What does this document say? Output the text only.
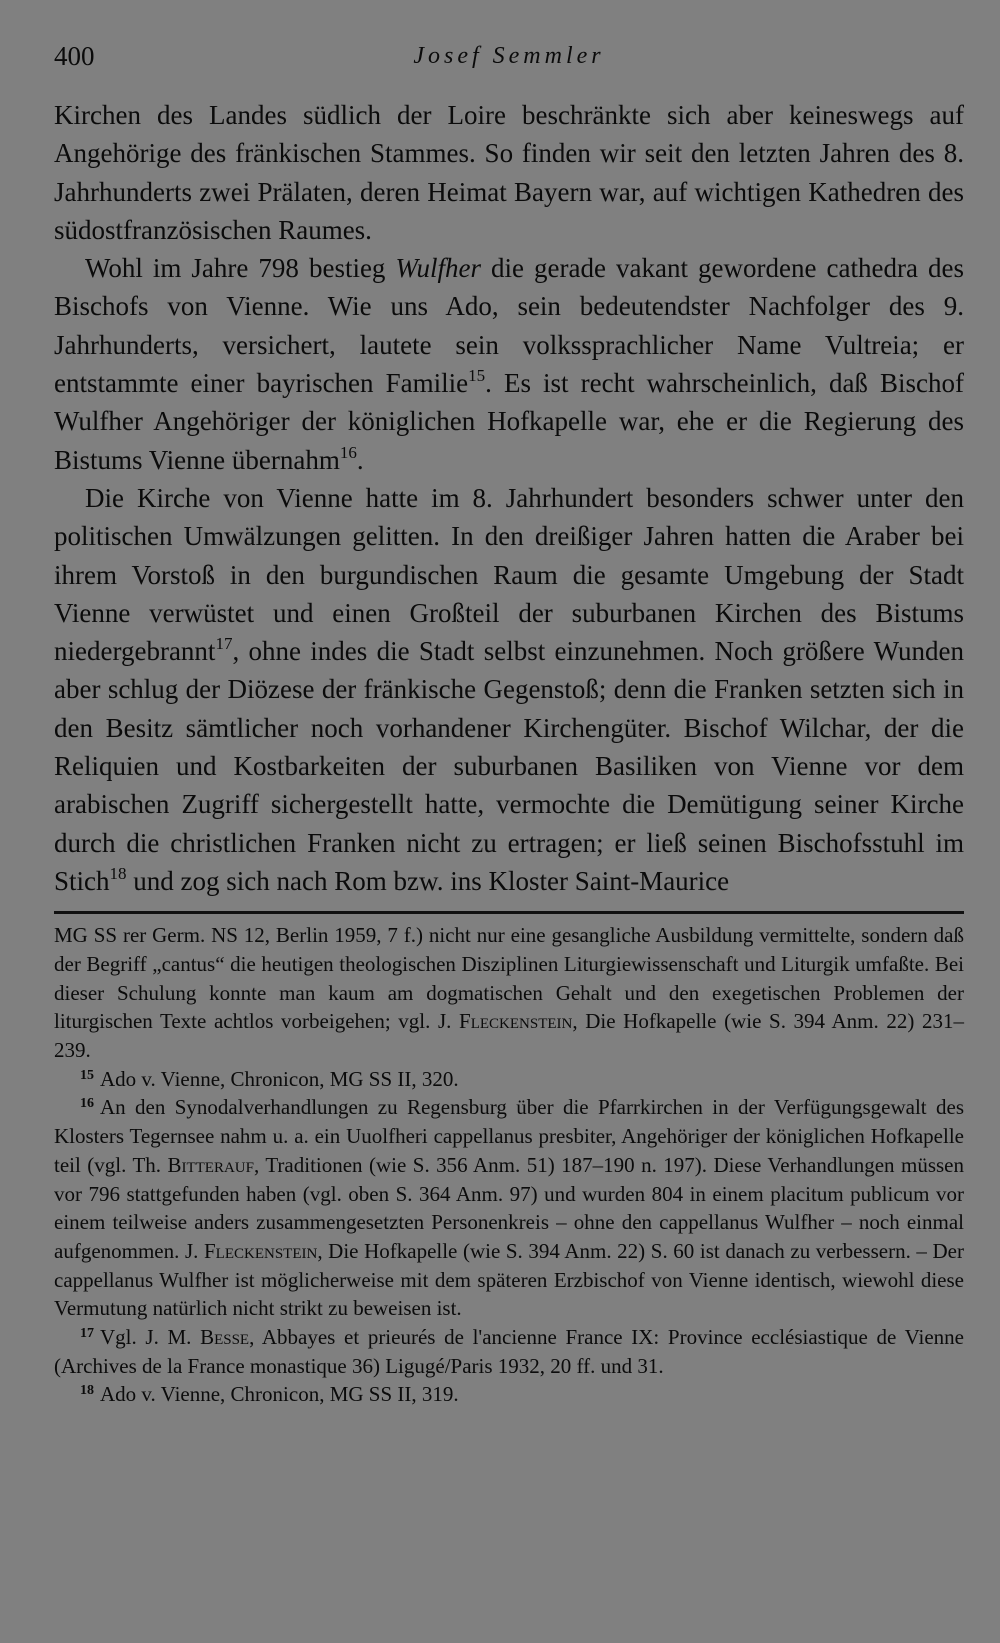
400	Josef Semmler

Kirchen des Landes südlich der Loire beschränkte sich aber keineswegs auf Angehörige des fränkischen Stammes. So finden wir seit den letzten Jahren des 8. Jahrhunderts zwei Prälaten, deren Heimat Bayern war, auf wichtigen Kathedren des südostfranzösischen Raumes.

Wohl im Jahre 798 bestieg Wulfher die gerade vakant gewordene cathedra des Bischofs von Vienne. Wie uns Ado, sein bedeutendster Nachfolger des 9. Jahrhunderts, versichert, lautete sein volkssprachlicher Name Vultreia; er entstammte einer bayrischen Familie$^{15}$. Es ist recht wahrscheinlich, daß Bischof Wulfher Angehöriger der königlichen Hofkapelle war, ehe er die Regierung des Bistums Vienne übernahm$^{16}$.

Die Kirche von Vienne hatte im 8. Jahrhundert besonders schwer unter den politischen Umwälzungen gelitten. In den dreißiger Jahren hatten die Araber bei ihrem Vorstoß in den burgundischen Raum die gesamte Umgebung der Stadt Vienne verwüstet und einen Großteil der suburbanen Kirchen des Bistums niedergebrannt$^{17}$, ohne indes die Stadt selbst einzunehmen. Noch größere Wunden aber schlug der Diözese der fränkische Gegenstoß; denn die Franken setzten sich in den Besitz sämtlicher noch vorhandener Kirchengüter. Bischof Wilchar, der die Reliquien und Kostbarkeiten der suburbanen Basiliken von Vienne vor dem arabischen Zugriff sichergestellt hatte, vermochte die Demütigung seiner Kirche durch die christlichen Franken nicht zu ertragen; er ließ seinen Bischofsstuhl im Stich$^{18}$ und zog sich nach Rom bzw. ins Kloster Saint-Maurice

MG SS rer Germ. NS 12, Berlin 1959, 7 f.) nicht nur eine gesangliche Ausbildung vermittelte, sondern daß der Begriff „cantus“ die heutigen theologischen Disziplinen Liturgiewissenschaft und Liturgik umfaßte. Bei dieser Schulung konnte man kaum am dogmatischen Gehalt und den exegetischen Problemen der liturgischen Texte achtlos vorbeigehen; vgl. J. Fleckenstein, Die Hofkapelle (wie S. 394 Anm. 22) 231–239.

$^{15}$ Ado v. Vienne, Chronicon, MG SS II, 320.

$^{16}$ An den Synodalverhandlungen zu Regensburg über die Pfarrkirchen in der Verfügungsgewalt des Klosters Tegernsee nahm u. a. ein Uuolfheri cappellanus presbiter, Angehöriger der königlichen Hofkapelle teil (vgl. Th. Bitterauf, Traditionen (wie S. 356 Anm. 51) 187–190 n. 197). Diese Verhandlungen müssen vor 796 stattgefunden haben (vgl. oben S. 364 Anm. 97) und wurden 804 in einem placitum publicum vor einem teilweise anders zusammengesetzten Personenkreis – ohne den cappellanus Wulfher – noch einmal aufgenommen. J. Fleckenstein, Die Hofkapelle (wie S. 394 Anm. 22) S. 60 ist danach zu verbessern. – Der cappellanus Wulfher ist möglicherweise mit dem späteren Erzbischof von Vienne identisch, wiewohl diese Vermutung natürlich nicht strikt zu beweisen ist.

$^{17}$ Vgl. J. M. Besse, Abbayes et prieurés de l'ancienne France IX: Province ecclésiastique de Vienne (Archives de la France monastique 36) Ligugé/Paris 1932, 20 ff. und 31.

$^{18}$ Ado v. Vienne, Chronicon, MG SS II, 319.
